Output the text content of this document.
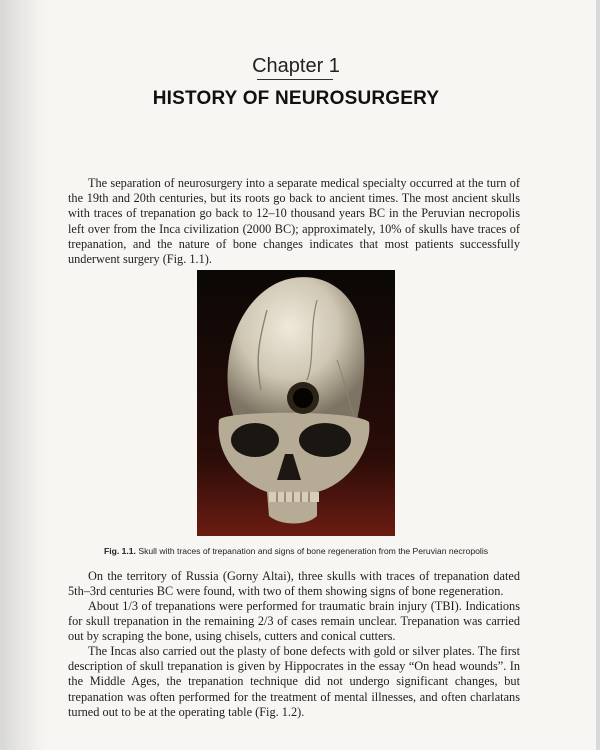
Chapter 1
HISTORY OF NEUROSURGERY

The separation of neurosurgery into a separate medical specialty occurred at the turn of the 19th and 20th centuries, but its roots go back to ancient times. The most ancient skulls with traces of trepanation go back to 12–10 thousand years BC in the Peruvian necropolis left over from the Inca civilization (2000 BC); approximately, 10% of skulls have traces of trepanation, and the nature of bone changes indicates that most patients successfully underwent surgery (Fig. 1.1).

Fig. 1.1. Skull with traces of trepanation and signs of bone regeneration from the Peruvian necropolis

On the territory of Russia (Gorny Altai), three skulls with traces of trepanation dated 5th–3rd centuries BC were found, with two of them showing signs of bone regeneration.

About 1/3 of trepanations were performed for traumatic brain injury (TBI). Indications for skull trepanation in the remaining 2/3 of cases remain unclear. Trepanation was carried out by scraping the bone, using chisels, cutters and conical cutters.

The Incas also carried out the plasty of bone defects with gold or silver plates. The first description of skull trepanation is given by Hippocrates in the essay “On head wounds”. In the Middle Ages, the trepanation technique did not undergo significant changes, but trepanation was often performed for the treatment of mental illnesses, and often charlatans turned out to be at the operating table (Fig. 1.2).
